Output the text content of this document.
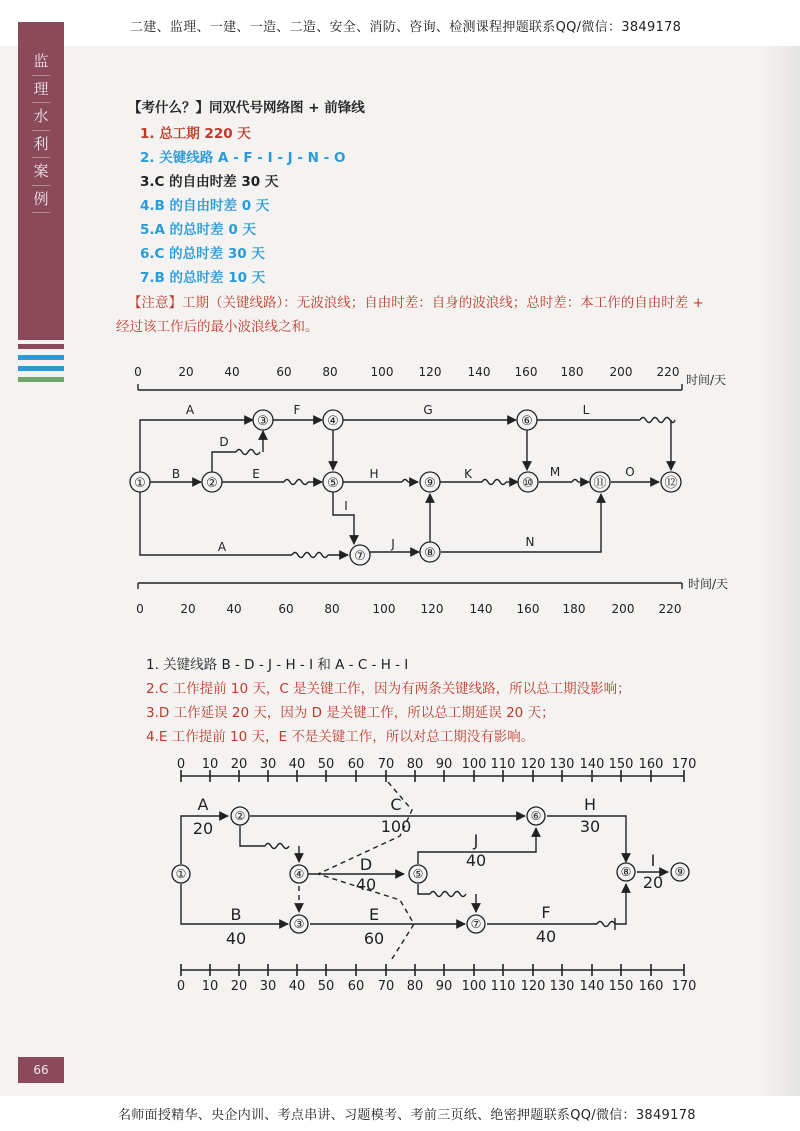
二建、监理、一建、一造、二造、安全、消防、咨询、检测课程押题联系QQ/微信：3849178
监
理
水
利
案
例
【考什么？】同双代号网络图 + 前锋线
1. 总工期 220 天
2. 关键线路 A - F - I - J - N - O
3.C 的自由时差 30 天
4.B 的自由时差 0 天
5.A 的总时差 0 天
6.C 的总时差 30 天
7.B 的总时差 10 天
【注意】工期（关键线路）：无波浪线；自由时差：自身的波浪线；总时差：本工作的自由时差 +
经过该工作后的最小波浪线之和。
①	②
③	④
⑤
⑥
⑦	⑧
⑨	⑩	⑪	⑫
A
B
D
E
F	G	L
H	K	M	O
I
J
A	N
0	20	40	60	80	100 120 140 160 180 200 220
时间/天
0	20	40	60	80	100 120 140 160 180 200 220
时间/天
1. 关键线路 B - D - J - H - I 和 A - C - H - I
2.C 工作提前 10 天，C 是关键工作，因为有两条关键线路，所以总工期没影响；
3.D 工作延误 20 天，因为 D 是关键工作，所以总工期延误 20 天；
4.E 工作提前 10 天，E 不是关键工作，所以对总工期没有影响。
①
②
③
④	⑤
⑥
⑦
⑧	⑨
A
20
C
100
H
30
J
40
D
40
B
40
E
60
F
40
I
20
0 10 20 30 40 50 60 70 80 90 100 110 120 130 140 150 160 170
0 10 20 30 40 50 60 70 80 90 100 110 120 130 140 150 160 170
66
名师面授精华、央企内训、考点串讲、习题模考、考前三页纸、绝密押题联系QQ/微信：3849178
